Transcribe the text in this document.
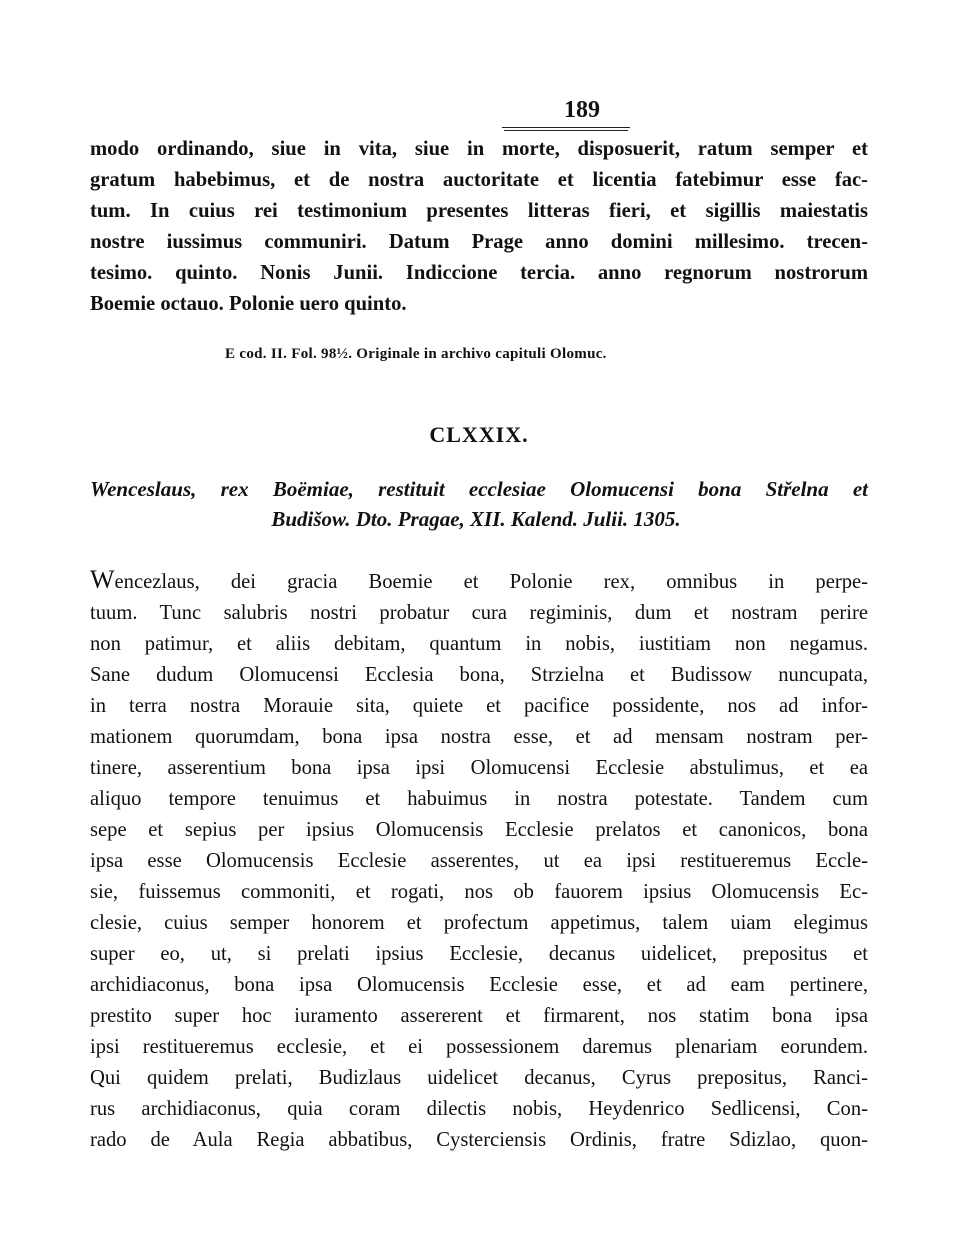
189
modo ordinando, siue in vita, siue in morte, disposuerit, ratum semper et
gratum habebimus, et de nostra auctoritate et licentia fatebimur esse fac-
tum. In cuius rei testimonium presentes litteras fieri, et sigillis maiestatis
nostre iussimus communiri. Datum Prage anno domini millesimo. trecen-
tesimo. quinto. Nonis Junii. Indiccione tercia. anno regnorum nostrorum
Boemie octauo. Polonie uero quinto.
E cod. II. Fol. 98½. Originale in archivo capituli Olomuc.
CLXXIX.
Wenceslaus, rex Boëmiae, restituit ecclesiae Olomucensi bona Střelna et
Budišow. Dto. Pragae, XII. Kalend. Julii. 1305.
Wencezlaus, dei gracia Boemie et Polonie rex, omnibus in perpe-
tuum. Tunc salubris nostri probatur cura regiminis, dum et nostram perire
non patimur, et aliis debitam, quantum in nobis, iustitiam non negamus.
Sane dudum Olomucensi Ecclesia bona, Strzielna et Budissow nuncupata,
in terra nostra Morauie sita, quiete et pacifice possidente, nos ad infor-
mationem quorumdam, bona ipsa nostra esse, et ad mensam nostram per-
tinere, asserentium bona ipsa ipsi Olomucensi Ecclesie abstulimus, et ea
aliquo tempore tenuimus et habuimus in nostra potestate. Tandem cum
sepe et sepius per ipsius Olomucensis Ecclesie prelatos et canonicos, bona
ipsa esse Olomucensis Ecclesie asserentes, ut ea ipsi restitueremus Eccle-
sie, fuissemus commoniti, et rogati, nos ob fauorem ipsius Olomucensis Ec-
clesie, cuius semper honorem et profectum appetimus, talem uiam elegimus
super eo, ut, si prelati ipsius Ecclesie, decanus uidelicet, prepositus et
archidiaconus, bona ipsa Olomucensis Ecclesie esse, et ad eam pertinere,
prestito super hoc iuramento assererent et firmarent, nos statim bona ipsa
ipsi restitueremus ecclesie, et ei possessionem daremus plenariam eorundem.
Qui quidem prelati, Budizlaus uidelicet decanus, Cyrus prepositus, Ranci-
rus archidiaconus, quia coram dilectis nobis, Heydenrico Sedlicensi, Con-
rado de Aula Regia abbatibus, Cysterciensis Ordinis, fratre Sdizlao, quon-
